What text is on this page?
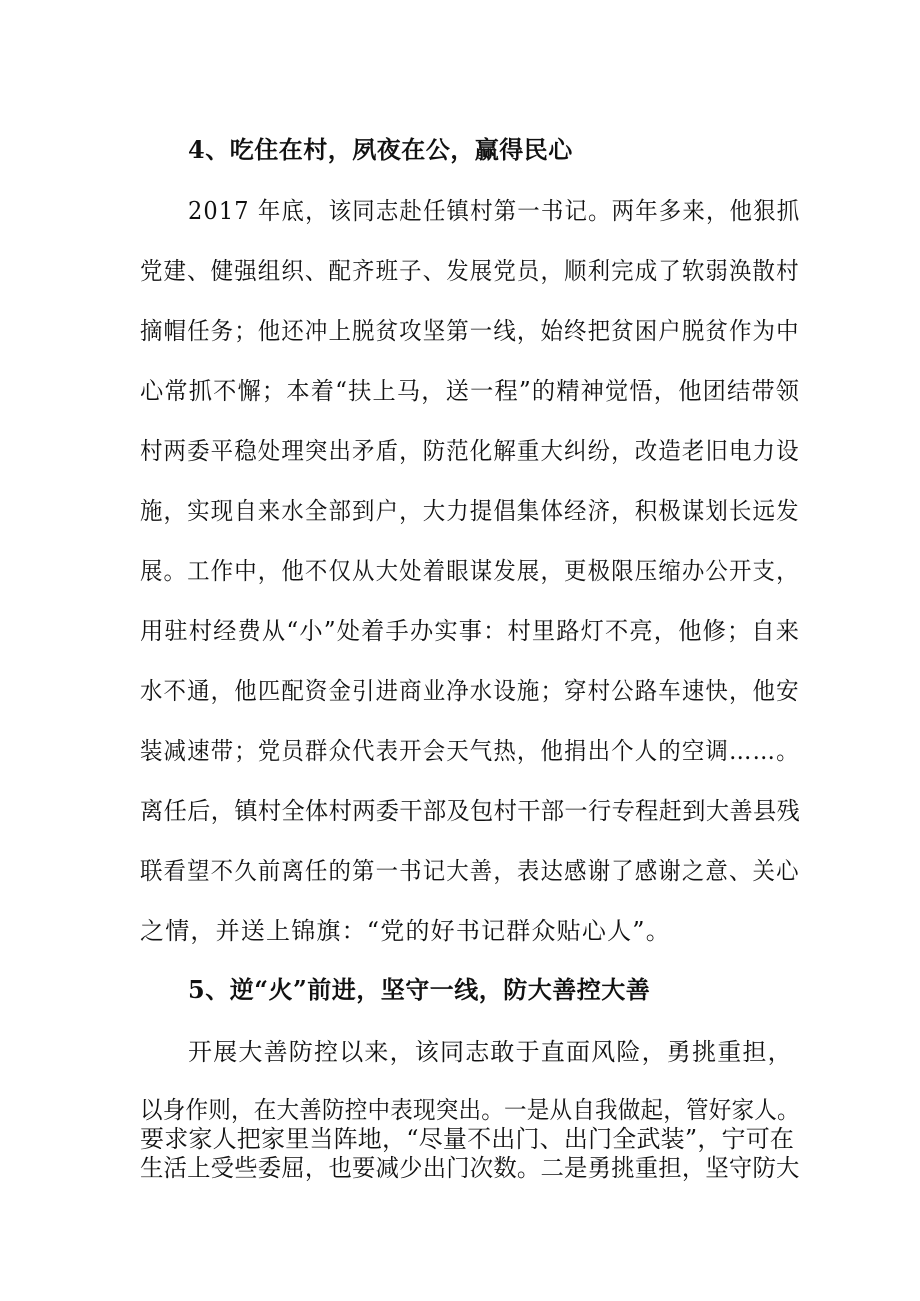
4、吃住在村，夙夜在公，赢得民心
2017 年底，该同志赴任镇村第一书记。两年多来，他狠抓
党建、健强组织、配齐班子、发展党员，顺利完成了软弱涣散村
摘帽任务；他还冲上脱贫攻坚第一线，始终把贫困户脱贫作为中
心常抓不懈；本着“扶上马，送一程”的精神觉悟，他团结带领
村两委平稳处理突出矛盾，防范化解重大纠纷，改造老旧电力设
施，实现自来水全部到户，大力提倡集体经济，积极谋划长远发
展。工作中，他不仅从大处着眼谋发展，更极限压缩办公开支，
用驻村经费从“小”处着手办实事：村里路灯不亮，他修；自来
水不通，他匹配资金引进商业净水设施；穿村公路车速快，他安
装减速带；党员群众代表开会天气热，他捐出个人的空调……。
离任后，镇村全体村两委干部及包村干部一行专程赶到大善县残
联看望不久前离任的第一书记大善，表达感谢了感谢之意、关心
之情，并送上锦旗：“党的好书记群众贴心人”。
5、逆“火”前进，坚守一线，防大善控大善
开展大善防控以来，该同志敢于直面风险，勇挑重担，
以身作则，在大善防控中表现突出。一是从自我做起，管好家人。
要求家人把家里当阵地，“尽量不出门、出门全武装”，宁可在
生活上受些委屈，也要减少出门次数。二是勇挑重担，坚守防大
